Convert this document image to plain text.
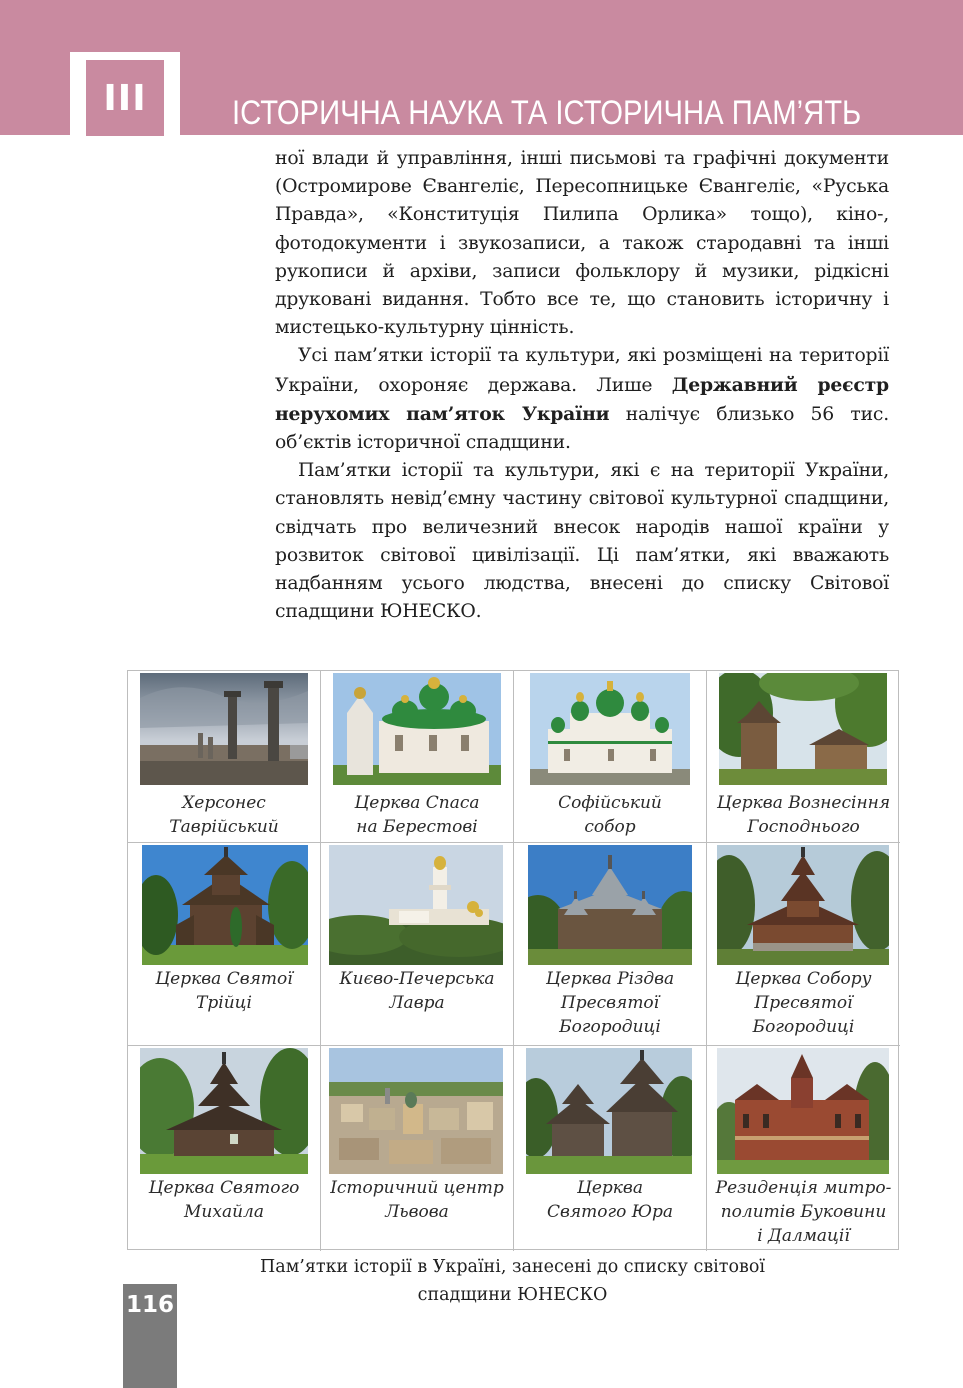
III	ІСТОРИЧНА НАУКА ТА ІСТОРИЧНА ПАМ’ЯТЬ

ної влади й управління, інші письмові та графічні документи (Остромирове Євангеліє, Пересопницьке Євангеліє, «Руська Правда», «Конституція Пилипа Орлика» тощо), кіно-, фотодокументи і звукозаписи, а також стародавні та інші рукописи й архіви, записи фольклору й музики, рідкісні друковані видання. Тобто все те, що становить історичну і мистецько-культурну цінність.

Усі пам’ятки історії та культури, які розміщені на території України, охороняє держава. Лише Державний реєстр нерухомих пам’яток України налічує близько 56 тис. об’єктів історичної спадщини.

Пам’ятки історії та культури, які є на території України, становлять невід’ємну частину світової культурної спадщини, свідчать про величезний внесок народів нашої країни у розвиток світової цивілізації. Ці пам’ятки, які вважають надбанням усього людства, внесені до списку Світової спадщини ЮНЕСКО.

Херсонес
Таврійський
Церква Спаса
на Берестові
Софійський
собор
Церква Вознесіння
Господнього
Церква Святої
Трійці
Києво-Печерська
Лавра
Церква Різдва
Пресвятої
Богородиці
Церква Собору
Пресвятої
Богородиці
Церква Святого
Михайла
Історичний центр
Львова
Церква
Святого Юра
Резиденція митро-
политів Буковини
і Далмації
Пам’ятки історії в Україні, занесені до списку світової
спадщини ЮНЕСКО
116
